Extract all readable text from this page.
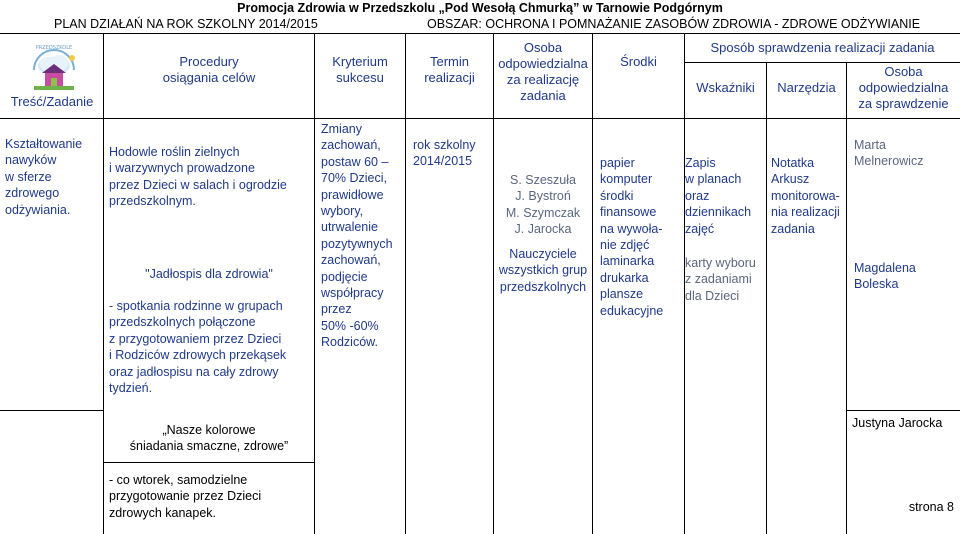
Promocja Zdrowia w Przedszkolu „Pod Wesołą Chmurką” w Tarnowie Podgórnym
PLAN DZIAŁAŃ NA ROK SZKOLNY 2014/2015	OBSZAR: OCHRONA I POMNAŻANIE ZASOBÓW ZDROWIA - ZDROWE ODŻYWIANIE
PRZEDSZKOLE
Treść/Zadanie
Procedury
osiągania celów
Kryterium
sukcesu
Termin
realizacji
Osoba
odpowiedzialna
za realizację
zadania
Środki
Sposób sprawdzenia realizacji zadania
Wskaźniki	Narzędzia
Osoba
odpowiedzialna
za sprawdzenie
Kształtowanie
nawyków
w sferze
zdrowego
odżywiania.
Hodowle roślin zielnych
i warzywnych prowadzone
przez Dzieci w salach i ogrodzie
przedszkolnym.
"Jadłospis dla zdrowia"
- spotkania rodzinne w grupach
przedszkolnych połączone
z przygotowaniem przez Dzieci
i Rodziców zdrowych przekąsek
oraz jadłospisu na cały zdrowy
tydzień.
„Nasze kolorowe
śniadania smaczne, zdrowe”
- co wtorek, samodzielne
przygotowanie przez Dzieci
zdrowych kanapek.
Zmiany
zachowań,
postaw 60 –
70% Dzieci,
prawidłowe
wybory,
utrwalenie
pozytywnych
zachowań,
podjęcie
współpracy
przez
50% -60%
Rodziców.
rok szkolny
2014/2015
S. Szeszuła
J. Bystroń
M. Szymczak
J. Jarocka
Nauczyciele
wszystkich grup
przedszkolnych
papier
komputer
środki
finansowe
na wywoła-
nie zdjęć
laminarka
drukarka
plansze
edukacyjne
Zapis
w planach
oraz
dziennikach
zajęć
karty wyboru
z zadaniami
dla Dzieci
Notatka
Arkusz
monitorowa-
nia realizacji
zadania
Marta
Melnerowicz
Magdalena
Boleska
Justyna Jarocka
strona 8
